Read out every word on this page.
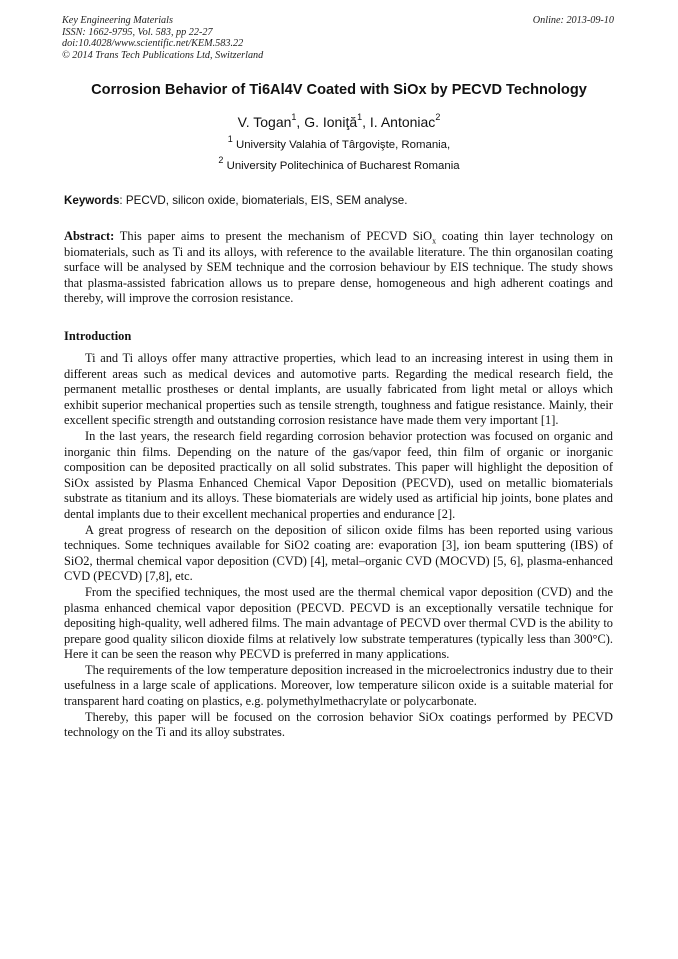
Key Engineering Materials
ISSN: 1662-9795, Vol. 583, pp 22-27
doi:10.4028/www.scientific.net/KEM.583.22
© 2014 Trans Tech Publications Ltd, Switzerland
Online: 2013-09-10
Corrosion Behavior of Ti6Al4V Coated with SiOx by PECVD Technology
V. Togan$^1$, G. Ioniţă$^1$, I. Antoniac$^2$
$^1$ University Valahia of Târgovişte, Romania,
$^2$ University Politechinica of Bucharest Romania
Keywords: PECVD, silicon oxide, biomaterials, EIS, SEM analyse.
Abstract: This paper aims to present the mechanism of PECVD SiO$_x$ coating thin layer technology on biomaterials, such as Ti and its alloys, with reference to the available literature. The thin organosilan coating surface will be analysed by SEM technique and the corrosion behaviour by EIS technique. The study shows that plasma-assisted fabrication allows us to prepare dense, homogeneous and high adherent coatings and thereby, will improve the corrosion resistance.
Introduction

Ti and Ti alloys offer many attractive properties, which lead to an increasing interest in using them in different areas such as medical devices and automotive parts. Regarding the medical research field, the permanent metallic prostheses or dental implants, are usually fabricated from light metal or alloys which exhibit superior mechanical properties such as tensile strength, toughness and fatigue resistance. Mainly, their excellent specific strength and outstanding corrosion resistance have made them very important [1].

In the last years, the research field regarding corrosion behavior protection was focused on organic and inorganic thin films. Depending on the nature of the gas/vapor feed, thin film of organic or inorganic composition can be deposited practically on all solid substrates. This paper will highlight the deposition of SiOx assisted by Plasma Enhanced Chemical Vapor Deposition (PECVD), used on metallic biomaterials substrate as titanium and its alloys. These biomaterials are widely used as artificial hip joints, bone plates and dental implants due to their excellent mechanical properties and endurance [2].

A great progress of research on the deposition of silicon oxide films has been reported using various techniques. Some techniques available for SiO2 coating are: evaporation [3], ion beam sputtering (IBS) of SiO2, thermal chemical vapor deposition (CVD) [4], metal–organic CVD (MOCVD) [5, 6], plasma-enhanced CVD (PECVD) [7,8], etc.

From the specified techniques, the most used are the thermal chemical vapor deposition (CVD) and the plasma enhanced chemical vapor deposition (PECVD. PECVD is an exceptionally versatile technique for depositing high-quality, well adhered films. The main advantage of PECVD over thermal CVD is the ability to prepare good quality silicon dioxide films at relatively low substrate temperatures (typically less than 300°C). Here it can be seen the reason why PECVD is preferred in many applications.

The requirements of the low temperature deposition increased in the microelectronics industry due to their usefulness in a large scale of applications. Moreover, low temperature silicon oxide is a suitable material for transparent hard coating on plastics, e.g. polymethylmethacrylate or polycarbonate.

Thereby, this paper will be focused on the corrosion behavior SiOx coatings performed by PECVD technology on the Ti and its alloy substrates.
